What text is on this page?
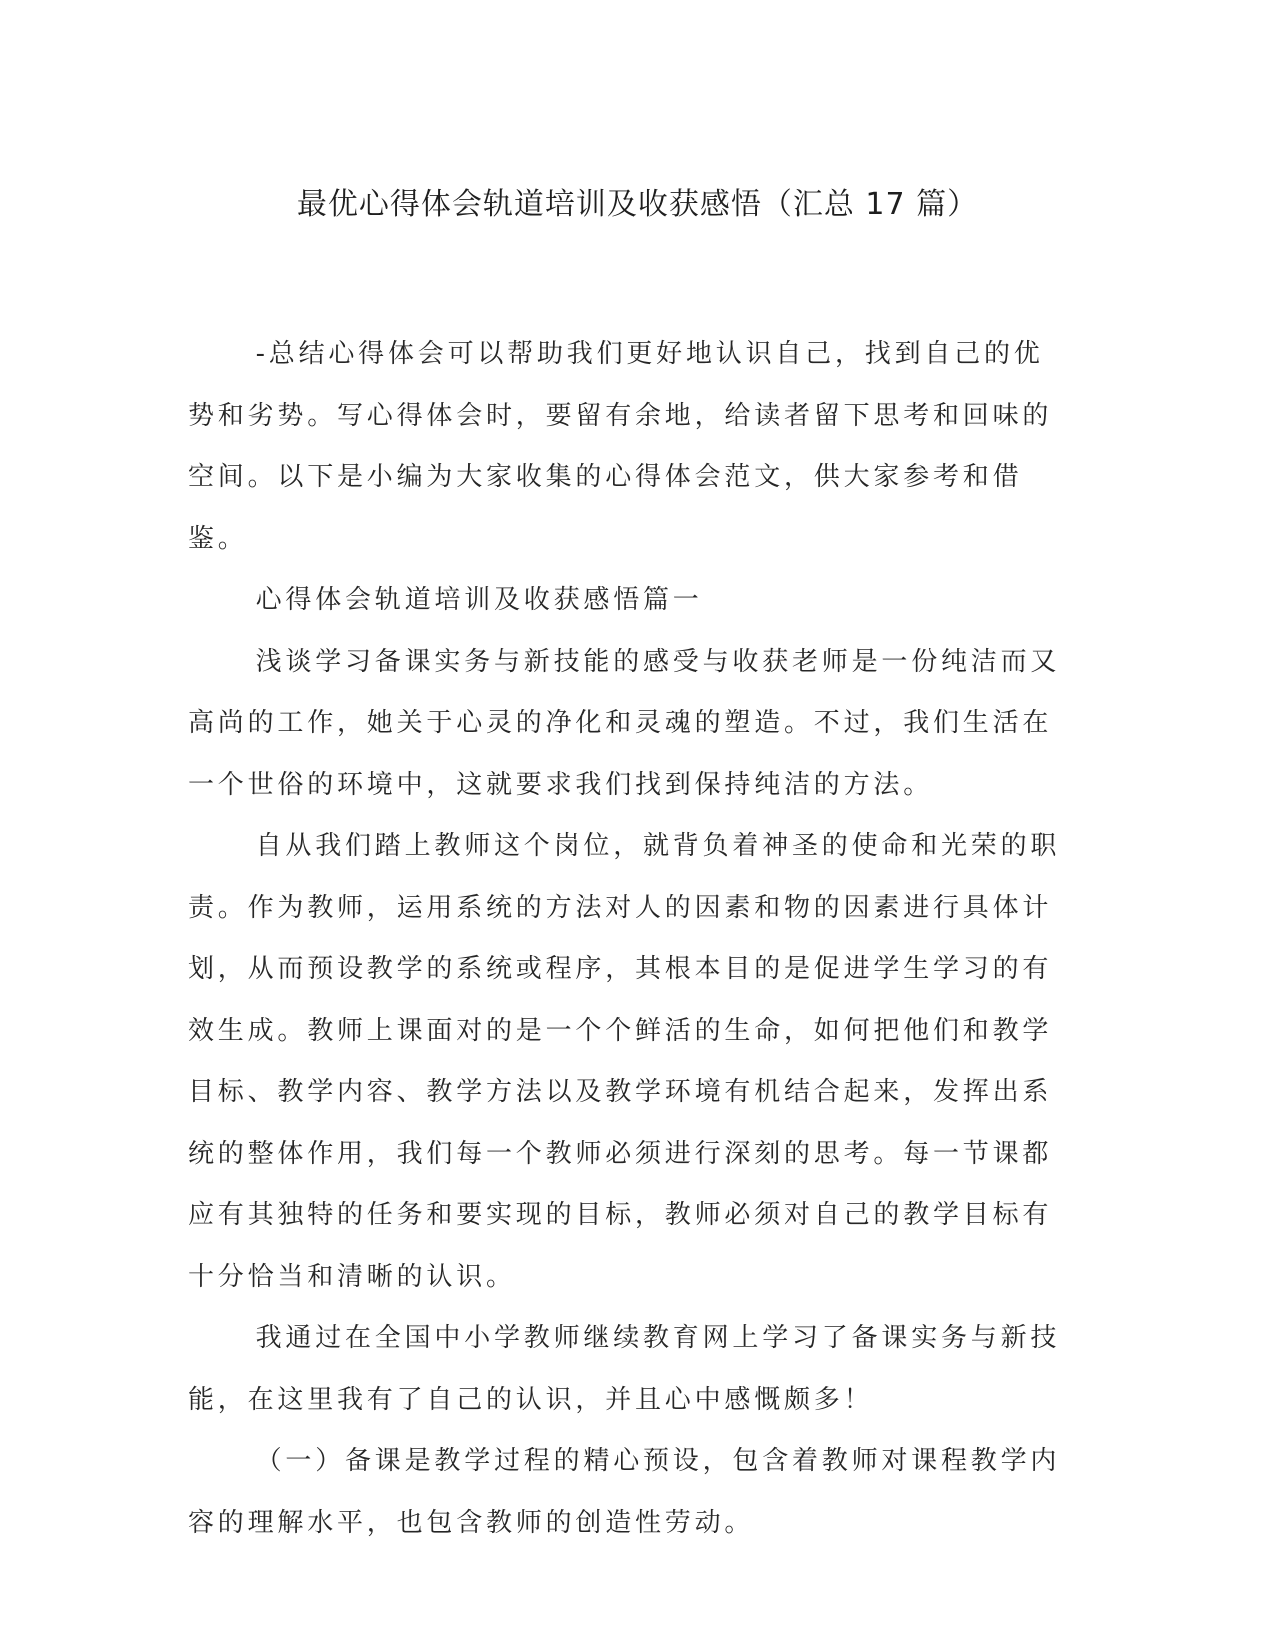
最优心得体会轨道培训及收获感悟（汇总 17 篇）

-总结心得体会可以帮助我们更好地认识自己，找到自己的优势和劣势。写心得体会时，要留有余地，给读者留下思考和回味的空间。以下是小编为大家收集的心得体会范文，供大家参考和借鉴。

心得体会轨道培训及收获感悟篇一

浅谈学习备课实务与新技能的感受与收获老师是一份纯洁而又高尚的工作，她关于心灵的净化和灵魂的塑造。不过，我们生活在一个世俗的环境中，这就要求我们找到保持纯洁的方法。

自从我们踏上教师这个岗位，就背负着神圣的使命和光荣的职责。作为教师，运用系统的方法对人的因素和物的因素进行具体计划，从而预设教学的系统或程序，其根本目的是促进学生学习的有效生成。教师上课面对的是一个个鲜活的生命，如何把他们和教学目标、教学内容、教学方法以及教学环境有机结合起来，发挥出系统的整体作用，我们每一个教师必须进行深刻的思考。每一节课都应有其独特的任务和要实现的目标，教师必须对自己的教学目标有十分恰当和清晰的认识。

我通过在全国中小学教师继续教育网上学习了备课实务与新技能，在这里我有了自己的认识，并且心中感慨颇多！

（一）备课是教学过程的精心预设，包含着教师对课程教学内容的理解水平，也包含教师的创造性劳动。
